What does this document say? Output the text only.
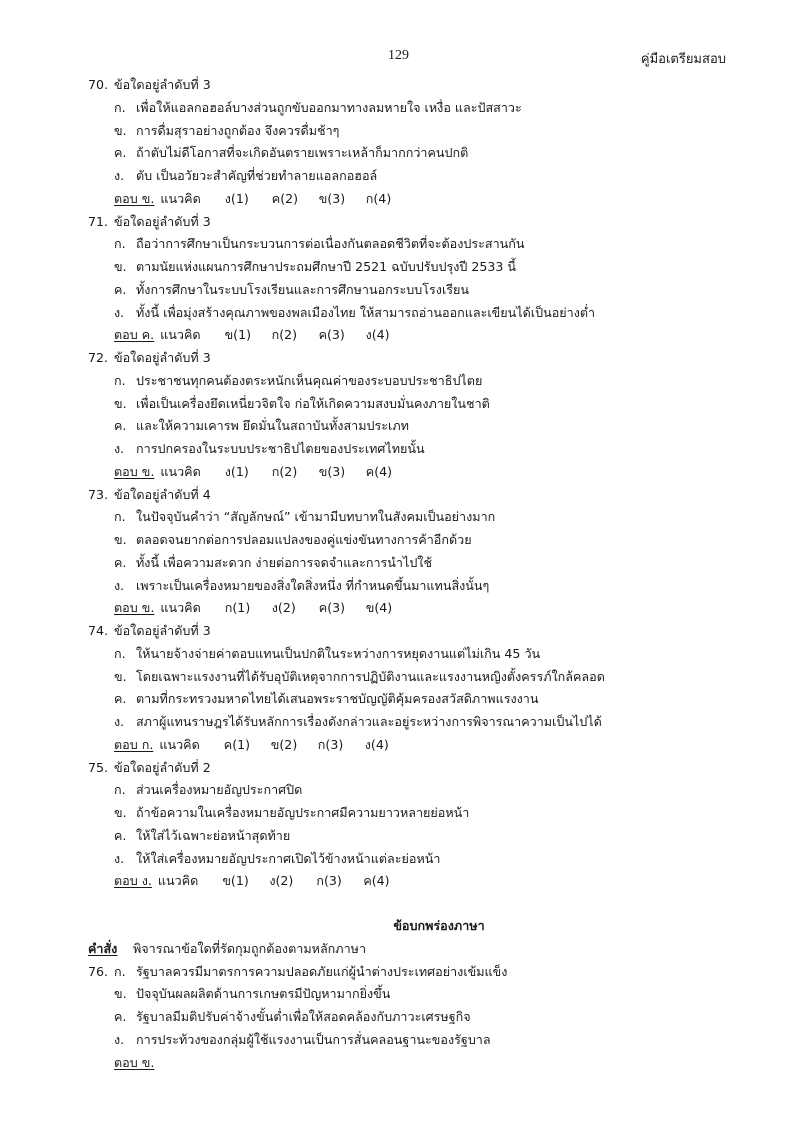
129	คู่มือเตรียมสอบ
70. ข้อใดอยู่ลำดับที่ 3
ก. เพื่อให้แอลกอฮอล์บางส่วนถูกขับออกมาทางลมหายใจ เหงื่อ และปัสสาวะ
ข. การดื่มสุราอย่างถูกต้อง จึงควรดื่มช้าๆ
ค. ถ้าตับไม่ดีโอกาสที่จะเกิดอันตรายเพราะเหล้าก็มากกว่าคนปกติ
ง. ตับ เป็นอวัยวะสำคัญที่ช่วยทำลายแอลกอฮอล์
ตอบ ข. แนวคิด ง(1) ค(2) ข(3) ก(4)
71. ข้อใดอยู่ลำดับที่ 3
ก. ถือว่าการศึกษาเป็นกระบวนการต่อเนื่องกันตลอดชีวิตที่จะต้องประสานกัน
ข. ตามนัยแห่งแผนการศึกษาประถมศึกษาปี 2521 ฉบับปรับปรุงปี 2533 นี้
ค. ทั้งการศึกษาในระบบโรงเรียนและการศึกษานอกระบบโรงเรียน
ง. ทั้งนี้ เพื่อมุ่งสร้างคุณภาพของพลเมืองไทย ให้สามารถอ่านออกและเขียนได้เป็นอย่างต่ำ
ตอบ ค. แนวคิด ข(1) ก(2) ค(3) ง(4)
72. ข้อใดอยู่ลำดับที่ 3
ก. ประชาชนทุกคนต้องตระหนักเห็นคุณค่าของระบอบประชาธิปไตย
ข. เพื่อเป็นเครื่องยึดเหนี่ยวจิตใจ ก่อให้เกิดความสงบมั่นคงภายในชาติ
ค. และให้ความเคารพ ยึดมั่นในสถาบันทั้งสามประเภท
ง. การปกครองในระบบประชาธิปไตยของประเทศไทยนั้น
ตอบ ข. แนวคิด ง(1) ก(2) ข(3) ค(4)
73. ข้อใดอยู่ลำดับที่ 4
ก. ในปัจจุบันคำว่า “สัญลักษณ์” เข้ามามีบทบาทในสังคมเป็นอย่างมาก
ข. ตลอดจนยากต่อการปลอมแปลงของคู่แข่งขันทางการค้าอีกด้วย
ค. ทั้งนี้ เพื่อความสะดวก ง่ายต่อการจดจำและการนำไปใช้
ง. เพราะเป็นเครื่องหมายของสิ่งใดสิ่งหนึ่ง ที่กำหนดขึ้นมาแทนสิ่งนั้นๆ
ตอบ ข. แนวคิด ก(1) ง(2) ค(3) ข(4)
74. ข้อใดอยู่ลำดับที่ 3
ก. ให้นายจ้างจ่ายค่าตอบแทนเป็นปกติในระหว่างการหยุดงานแต่ไม่เกิน 45 วัน
ข. โดยเฉพาะแรงงานที่ได้รับอุบัติเหตุจากการปฏิบัติงานและแรงงานหญิงตั้งครรภ์ใกล้คลอด
ค. ตามที่กระทรวงมหาดไทยได้เสนอพระราชบัญญัติคุ้มครองสวัสดิภาพแรงงาน
ง. สภาผู้แทนราษฎรได้รับหลักการเรื่องดังกล่าวและอยู่ระหว่างการพิจารณาความเป็นไปได้
ตอบ ก. แนวคิด ค(1) ข(2) ก(3) ง(4)
75. ข้อใดอยู่ลำดับที่ 2
ก. ส่วนเครื่องหมายอัญประกาศปิด
ข. ถ้าข้อความในเครื่องหมายอัญประกาศมีความยาวหลายย่อหน้า
ค. ให้ใส่ไว้เฉพาะย่อหน้าสุดท้าย
ง. ให้ใส่เครื่องหมายอัญประกาศเปิดไว้ข้างหน้าแต่ละย่อหน้า
ตอบ ง. แนวคิด ข(1) ง(2) ก(3) ค(4)
ข้อบกพร่องภาษา
คำสั่ง พิจารณาข้อใดที่รัดกุมถูกต้องตามหลักภาษา
76. ก. รัฐบาลควรมีมาตรการความปลอดภัยแก่ผู้นำต่างประเทศอย่างเข้มแข็ง
ข. ปัจจุบันผลผลิตด้านการเกษตรมีปัญหามากยิ่งขึ้น
ค. รัฐบาลมีมติปรับค่าจ้างขั้นต่ำเพื่อให้สอดคล้องกับภาวะเศรษฐกิจ
ง. การประท้วงของกลุ่มผู้ใช้แรงงานเป็นการสั่นคลอนฐานะของรัฐบาล
ตอบ ข.
